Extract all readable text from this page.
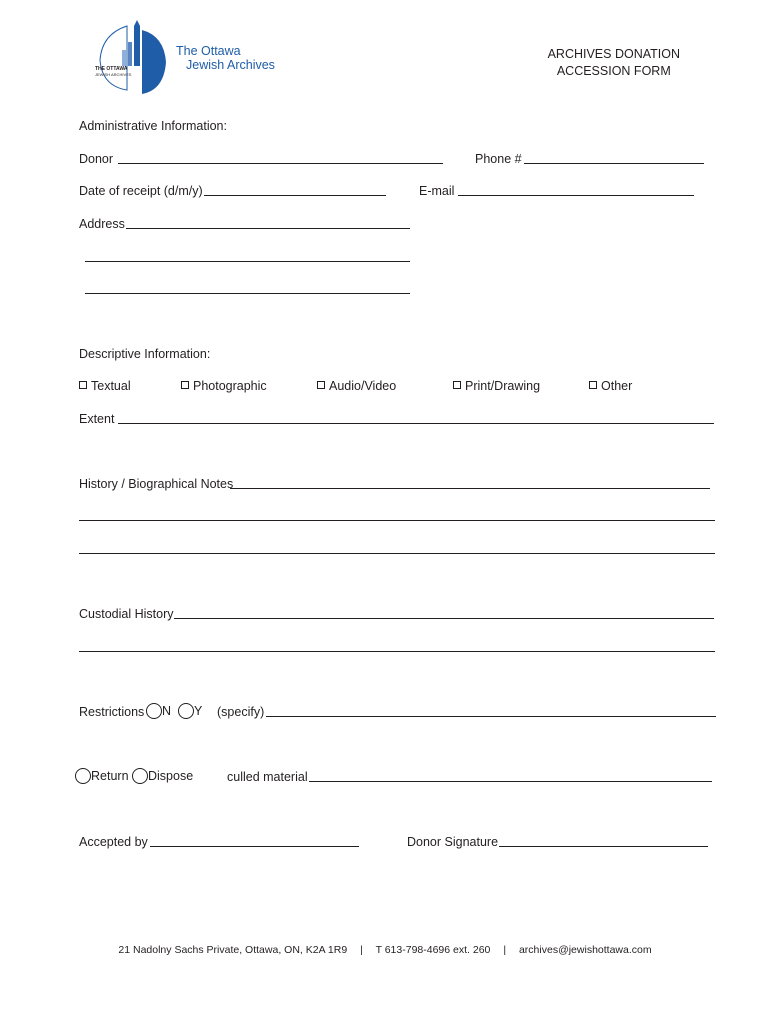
THE OTTAWA
JEWISH ARCHIVES
The Ottawa
Jewish Archives
ARCHIVES DONATION
ACCESSION FORM
Administrative Information:
Donor	Phone #
Date of receipt (d/m/y)	E-mail
Address
Descriptive Information:
Textual	Photographic	Audio/Video	Print/Drawing	Other
Extent
History / Biographical Notes
Custodial History
Restrictions	N	Y (specify)
Return	Dispose	culled material
Accepted by	Donor Signature
21 Nadolny Sachs Private, Ottawa, ON, K2A 1R9 | T 613-798-4696 ext. 260 | archives@jewishottawa.com
